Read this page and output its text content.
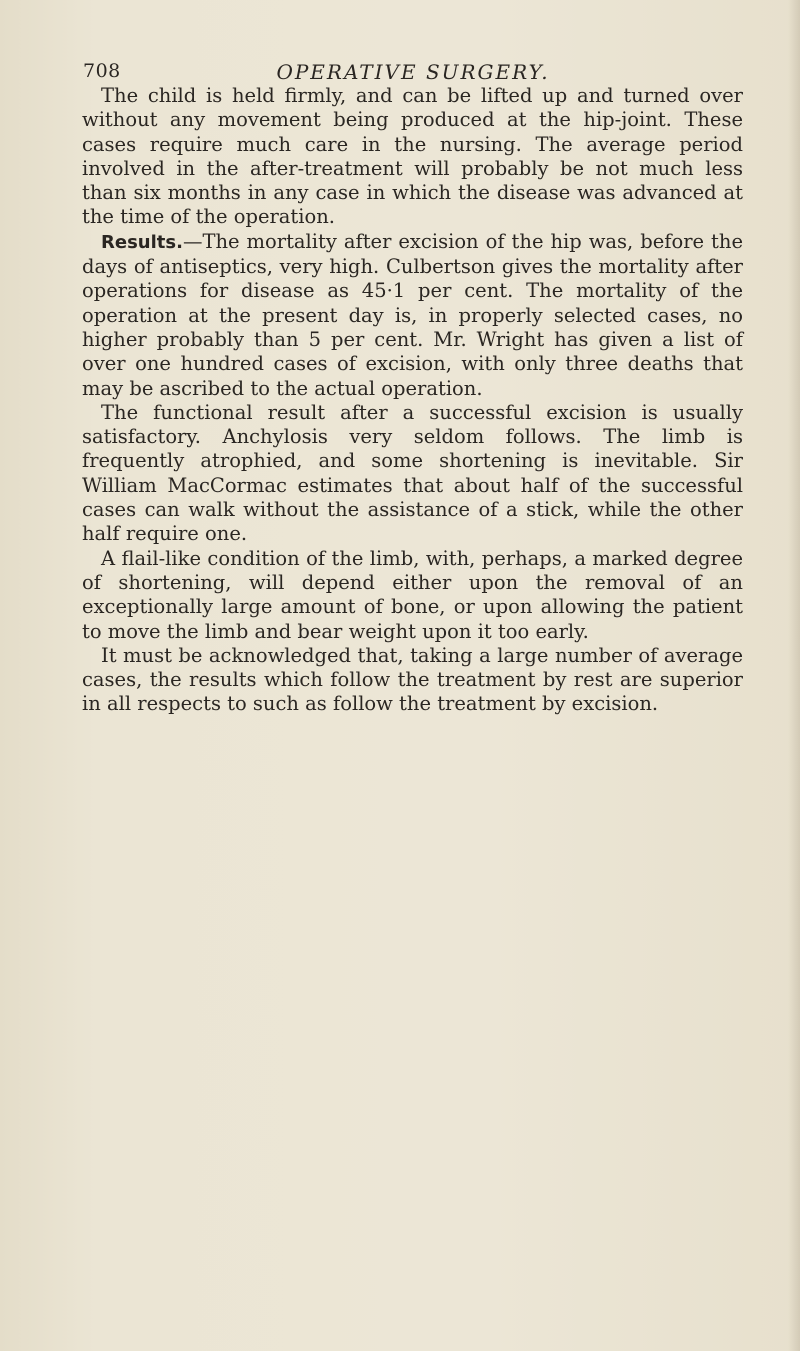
708	OPERATIVE SURGERY.

The child is held firmly, and can be lifted up and turned over without any movement being produced at the hip-joint. These cases require much care in the nursing. The average period involved in the after-treatment will probably be not much less than six months in any case in which the disease was advanced at the time of the operation.

Results.—The mortality after excision of the hip was, before the days of antiseptics, very high. Culbertson gives the mortality after operations for disease as 45·1 per cent. The mortality of the operation at the present day is, in properly selected cases, no higher probably than 5 per cent. Mr. Wright has given a list of over one hundred cases of excision, with only three deaths that may be ascribed to the actual operation.

The functional result after a successful excision is usually satisfactory. Anchylosis very seldom follows. The limb is frequently atrophied, and some shortening is inevitable. Sir William MacCormac estimates that about half of the successful cases can walk without the assistance of a stick, while the other half require one.

A flail-like condition of the limb, with, perhaps, a marked degree of shortening, will depend either upon the removal of an exceptionally large amount of bone, or upon allowing the patient to move the limb and bear weight upon it too early.

It must be acknowledged that, taking a large number of average cases, the results which follow the treatment by rest are superior in all respects to such as follow the treatment by excision.
